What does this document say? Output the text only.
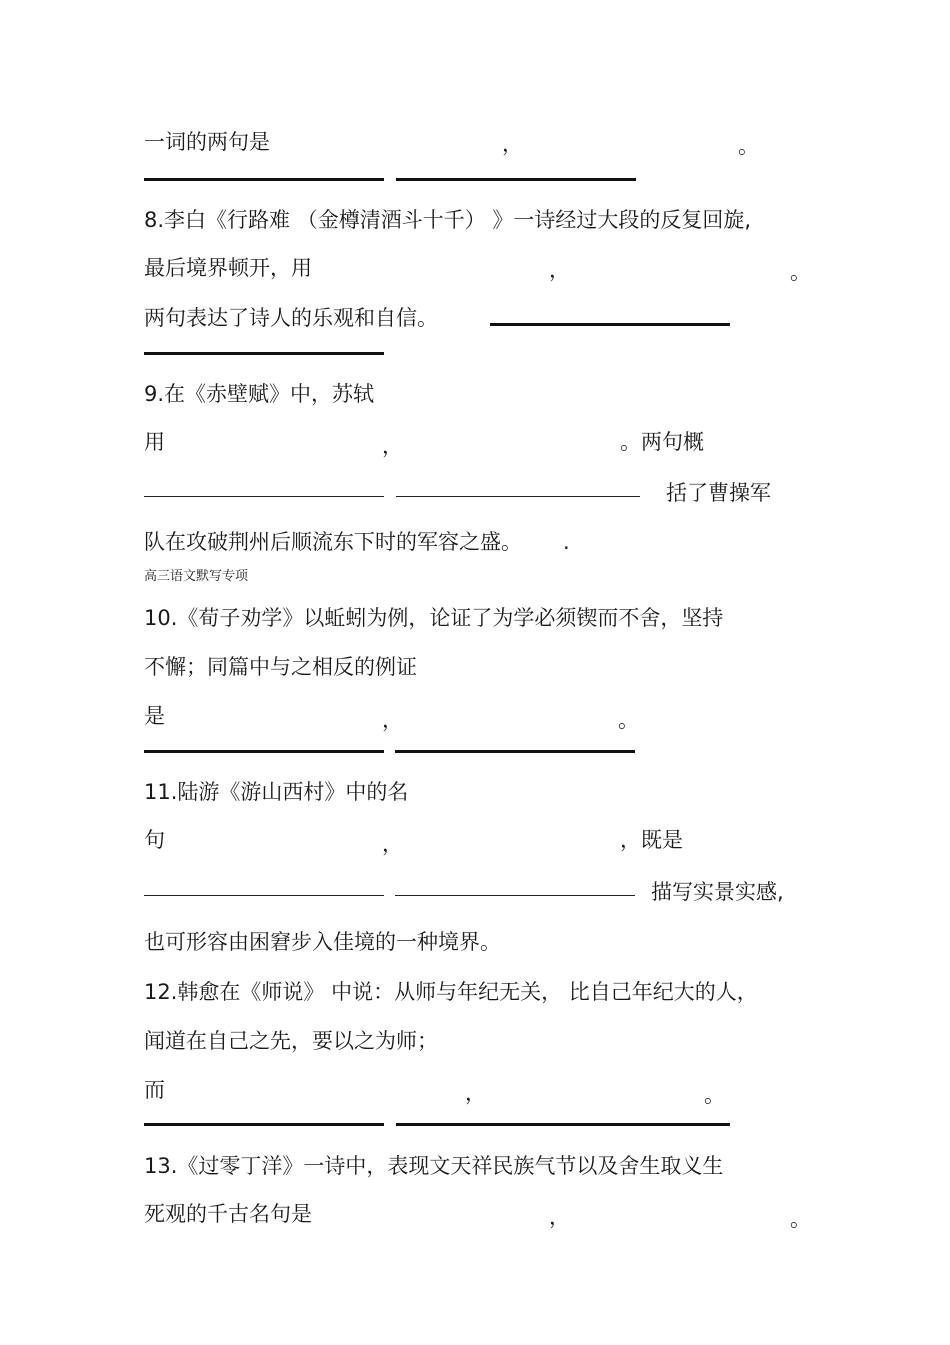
一词的两句是	，	。
8.李白《行路难 （金樽清酒斗十千） 》一诗经过大段的反复回旋,
最后境界顿开，用	，	。
两句表达了诗人的乐观和自信。
9.在《赤壁赋》中，苏轼
用	，	。两句概
括了曹操军
队在攻破荆州后顺流东下时的军容之盛。 .
高三语文默写专项
10.《荀子劝学》以蚯蚓为例，论证了为学必须锲而不舍，坚持
不懈；同篇中与之相反的例证
是	，	。
11.陆游《游山西村》中的名
句	，	，既是
描写实景实感,
也可形容由困窘步入佳境的一种境界。
12.韩愈在《师说》 中说：从师与年纪无关， 比自己年纪大的人，
闻道在自己之先，要以之为师；
而	，	。
13.《过零丁洋》一诗中，表现文天祥民族气节以及舍生取义生
死观的千古名句是	，	。
